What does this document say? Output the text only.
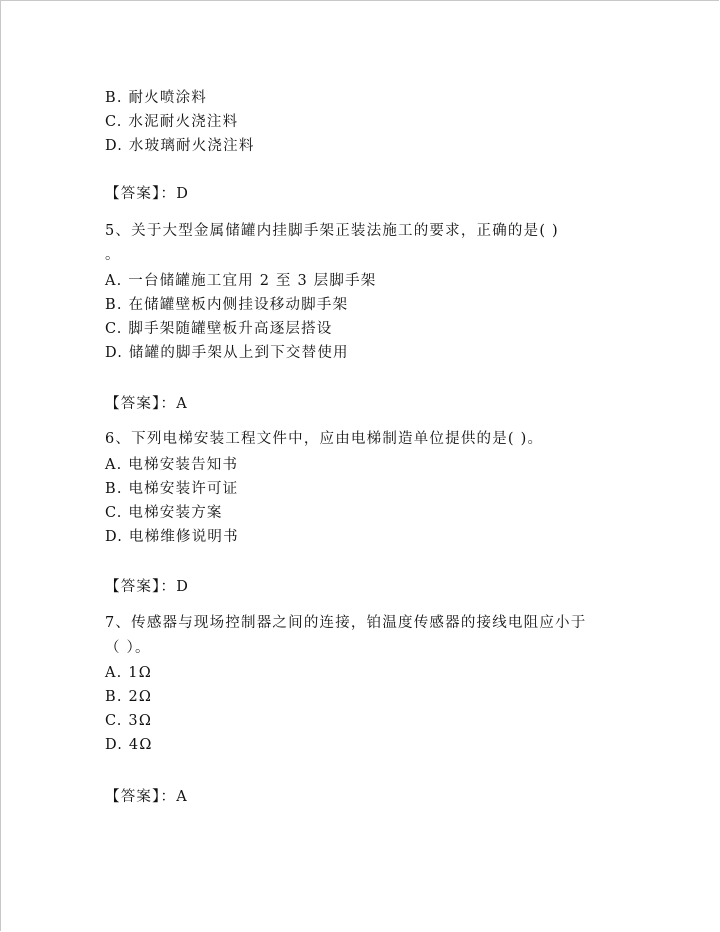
B. 耐火喷涂料
C. 水泥耐火浇注料
D. 水玻璃耐火浇注料
【答案】：D
5、关于大型金属储罐内挂脚手架正装法施工的要求，正确的是( )
。
A. 一台储罐施工宜用 2 至 3 层脚手架
B. 在储罐壁板内侧挂设移动脚手架
C. 脚手架随罐壁板升高逐层搭设
D. 储罐的脚手架从上到下交替使用
【答案】：A
6、下列电梯安装工程文件中，应由电梯制造单位提供的是( )。
A. 电梯安装告知书
B. 电梯安装许可证
C. 电梯安装方案
D. 电梯维修说明书
【答案】：D
7、传感器与现场控制器之间的连接，铂温度传感器的接线电阻应小于
（ ）。
A. 1Ω
B. 2Ω
C. 3Ω
D. 4Ω
【答案】：A
